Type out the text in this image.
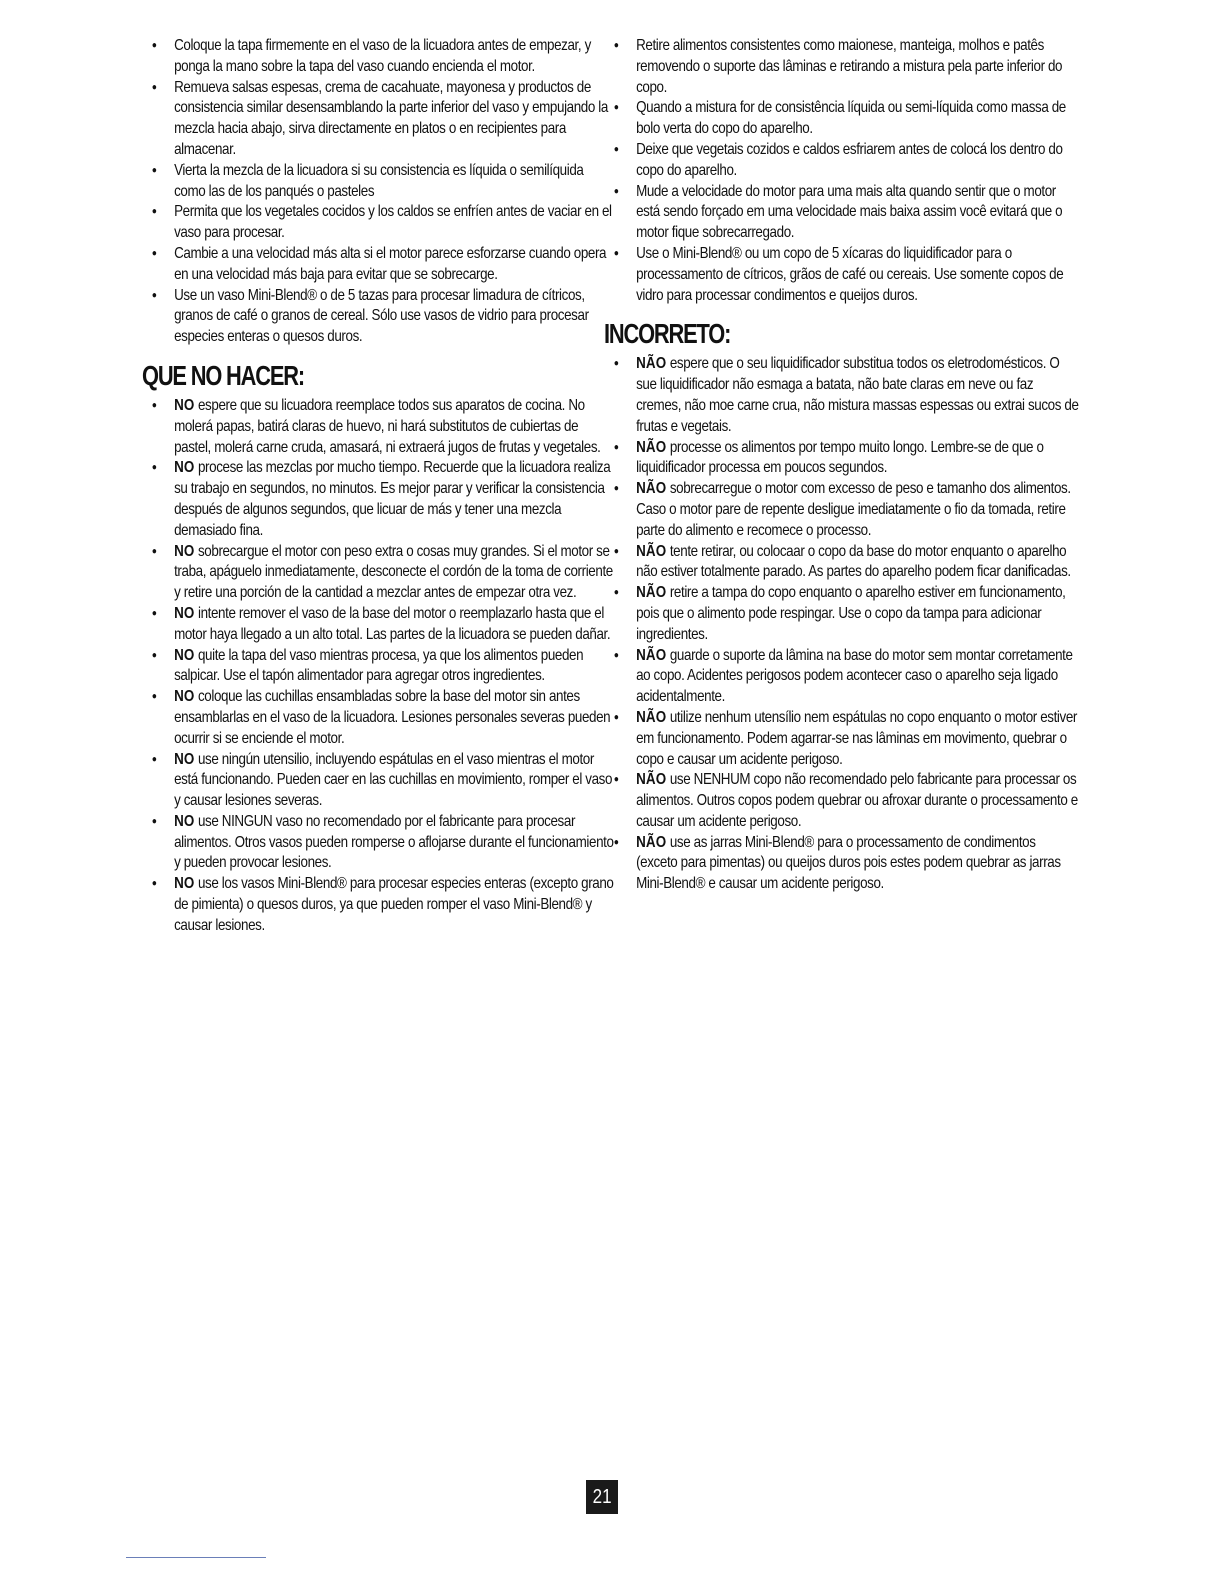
● Coloque la tapa firmemente en el vaso de la licuadora antes de empezar, y ponga la mano sobre la tapa del vaso cuando encienda el motor.
● Remueva salsas espesas, crema de cacahuate, mayonesa y productos de consistencia similar desensamblando la parte inferior del vaso y empujando la mezcla hacia abajo, sirva directamente en platos o en recipientes para almacenar.
● Vierta la mezcla de la licuadora si su consistencia es líquida o semilíquida como las de los panqués o pasteles
● Permita que los vegetales cocidos y los caldos se enfríen antes de vaciar en el vaso para procesar.
● Cambie a una velocidad más alta si el motor parece esforzarse cuando opera en una velocidad más baja para evitar que se sobrecarge.
● Use un vaso Mini-Blend® o de 5 tazas para procesar limadura de cítricos, granos de café o granos de cereal. Sólo use vasos de vidrio para procesar especies enteras o quesos duros.
QUE NO HACER:
● NO espere que su licuadora reemplace todos sus aparatos de cocina. No molerá papas, batirá claras de huevo, ni hará substitutos de cubiertas de pastel, molerá carne cruda, amasará, ni extraerá jugos de frutas y vegetales.
● NO procese las mezclas por mucho tiempo. Recuerde que la licuadora realiza su trabajo en segundos, no minutos. Es mejor parar y verificar la consistencia después de algunos segundos, que licuar de más y tener una mezcla demasiado fina.
● NO sobrecargue el motor con peso extra o cosas muy grandes. Si el motor se traba, apáguelo inmediatamente, desconecte el cordón de la toma de corriente y retire una porción de la cantidad a mezclar antes de empezar otra vez.
● NO intente remover el vaso de la base del motor o reemplazarlo hasta que el motor haya llegado a un alto total. Las partes de la licuadora se pueden dañar.
● NO quite la tapa del vaso mientras procesa, ya que los alimentos pueden salpicar. Use el tapón alimentador para agregar otros ingredientes.
● NO coloque las cuchillas ensambladas sobre la base del motor sin antes ensamblarlas en el vaso de la licuadora. Lesiones personales severas pueden ocurrir si se enciende el motor.
● NO use ningún utensilio, incluyendo espátulas en el vaso mientras el motor está funcionando. Pueden caer en las cuchillas en movimiento, romper el vaso y causar lesiones severas.
● NO use NINGUN vaso no recomendado por el fabricante para procesar alimentos. Otros vasos pueden romperse o aflojarse durante el funcionamiento y pueden provocar lesiones.
● NO use los vasos Mini-Blend® para procesar especies enteras (excepto grano de pimienta) o quesos duros, ya que pueden romper el vaso Mini-Blend® y causar lesiones.
● Retire alimentos consistentes como maionese, manteiga, molhos e patês removendo o suporte das lâminas e retirando a mistura pela parte inferior do copo.
● Quando a mistura for de consistência líquida ou semi-líquida como massa de bolo verta do copo do aparelho.
● Deixe que vegetais cozidos e caldos esfriarem antes de colocá los dentro do copo do aparelho.
● Mude a velocidade do motor para uma mais alta quando sentir que o motor está sendo forçado em uma velocidade mais baixa assim você evitará que o motor fique sobrecarregado.
● Use o Mini-Blend® ou um copo de 5 xícaras do liquidificador para o processamento de cítricos, grãos de café ou cereais. Use somente copos de vidro para processar condimentos e queijos duros.
INCORRETO:
● NÃO espere que o seu liquidificador substitua todos os eletrodomésticos. O sue liquidificador não esmaga a batata, não bate claras em neve ou faz cremes, não moe carne crua, não mistura massas espessas ou extrai sucos de frutas e vegetais.
● NÃO processe os alimentos por tempo muito longo. Lembre-se de que o liquidificador processa em poucos segundos.
● NÃO sobrecarregue o motor com excesso de peso e tamanho dos alimentos. Caso o motor pare de repente desligue imediatamente o fio da tomada, retire parte do alimento e recomece o processo.
● NÃO tente retirar, ou colocaar o copo da base do motor enquanto o aparelho não estiver totalmente parado. As partes do aparelho podem ficar danificadas.
● NÃO retire a tampa do copo enquanto o aparelho estiver em funcionamento, pois que o alimento pode respingar. Use o copo da tampa para adicionar ingredientes.
● NÃO guarde o suporte da lâmina na base do motor sem montar corretamente ao copo. Acidentes perigosos podem acontecer caso o aparelho seja ligado acidentalmente.
● NÃO utilize nenhum utensílio nem espátulas no copo enquanto o motor estiver em funcionamento. Podem agarrar-se nas lâminas em movimento, quebrar o copo e causar um acidente perigoso.
● NÃO use NENHUM copo não recomendado pelo fabricante para processar os alimentos. Outros copos podem quebrar ou afroxar durante o processamento e causar um acidente perigoso.
● NÃO use as jarras Mini-Blend® para o processamento de condimentos (exceto para pimentas) ou queijos duros pois estes podem quebrar as jarras Mini-Blend® e causar um acidente perigoso.
21
